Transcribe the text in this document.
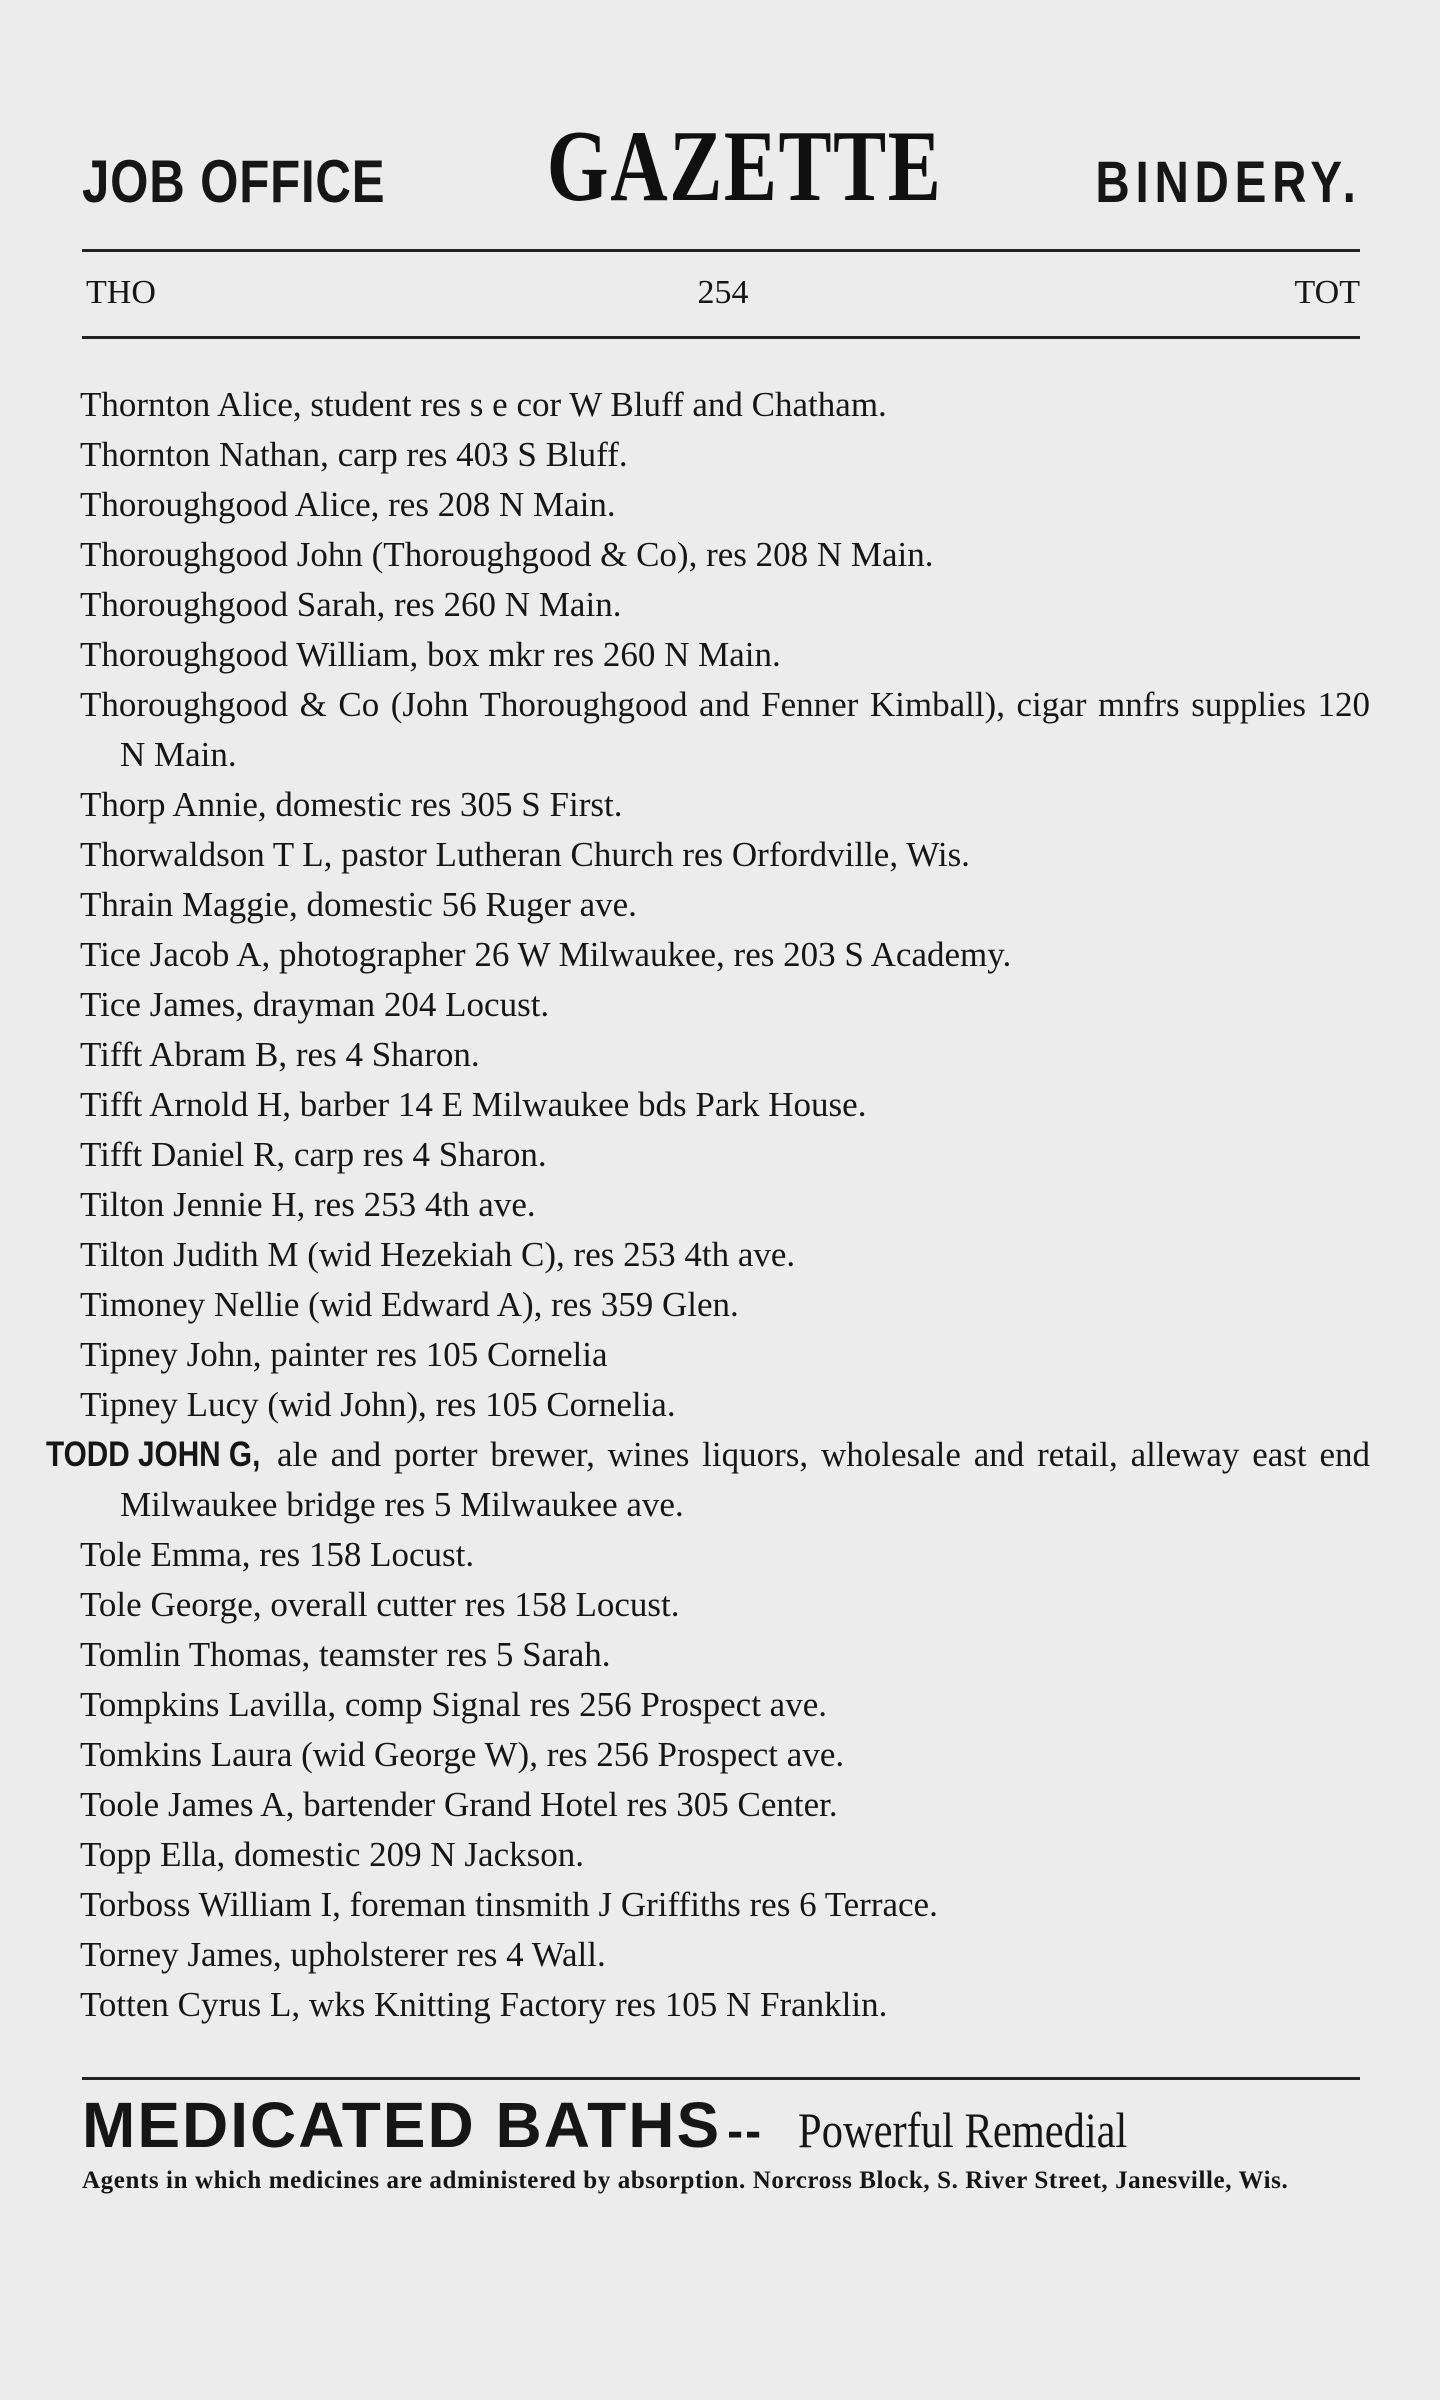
JOB OFFICE GAZETTE	BINDERY.
THO	254	TOT
Thornton Alice, student res s e cor W Bluff and Chatham.
Thornton Nathan, carp res 403 S Bluff.
Thoroughgood Alice, res 208 N Main.
Thoroughgood John (Thoroughgood & Co), res 208 N Main.
Thoroughgood Sarah, res 260 N Main.
Thoroughgood William, box mkr res 260 N Main.
Thoroughgood & Co (John Thoroughgood and Fenner Kimball), cigar mnfrs supplies 120 N Main.
Thorp Annie, domestic res 305 S First.
Thorwaldson T L, pastor Lutheran Church res Orfordville, Wis.
Thrain Maggie, domestic 56 Ruger ave.
Tice Jacob A, photographer 26 W Milwaukee, res 203 S Academy.
Tice James, drayman 204 Locust.
Tifft Abram B, res 4 Sharon.
Tifft Arnold H, barber 14 E Milwaukee bds Park House.
Tifft Daniel R, carp res 4 Sharon.
Tilton Jennie H, res 253 4th ave.
Tilton Judith M (wid Hezekiah C), res 253 4th ave.
Timoney Nellie (wid Edward A), res 359 Glen.
Tipney John, painter res 105 Cornelia
Tipney Lucy (wid John), res 105 Cornelia.
TODD JOHN G, ale and porter brewer, wines liquors, wholesale and retail, alleway east end Milwaukee bridge res 5 Milwaukee ave.
Tole Emma, res 158 Locust.
Tole George, overall cutter res 158 Locust.
Tomlin Thomas, teamster res 5 Sarah.
Tompkins Lavilla, comp Signal res 256 Prospect ave.
Tomkins Laura (wid George W), res 256 Prospect ave.
Toole James A, bartender Grand Hotel res 305 Center.
Topp Ella, domestic 209 N Jackson.
Torboss William I, foreman tinsmith J Griffiths res 6 Terrace.
Torney James, upholsterer res 4 Wall.
Totten Cyrus L, wks Knitting Factory res 105 N Franklin.
MEDICATED BATHS -- Powerful Remedial
Agents in which medicines are administered by absorption. Norcross Block, S. River Street, Janesville, Wis.
